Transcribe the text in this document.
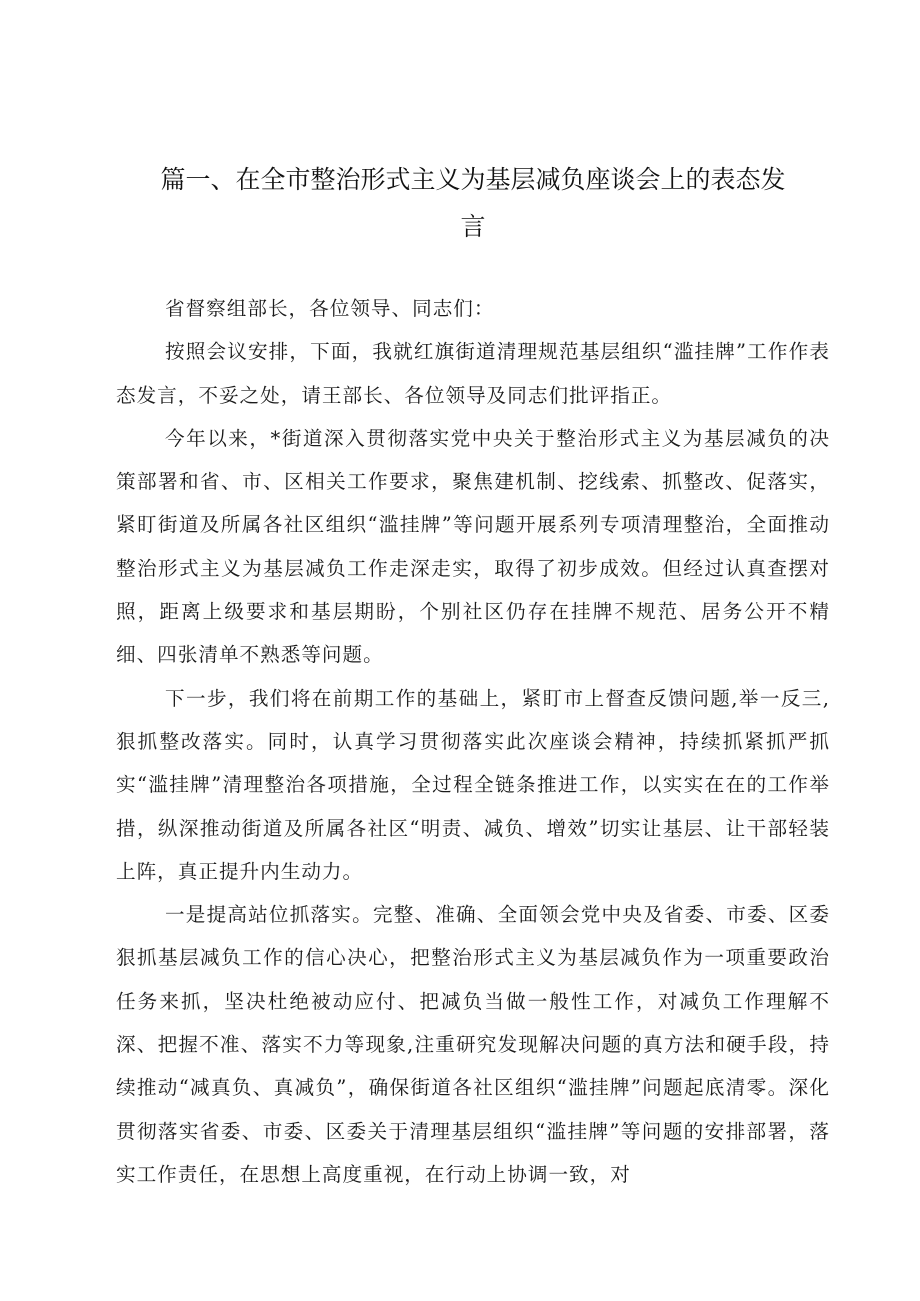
篇一、在全市整治形式主义为基层减负座谈会上的表态发
言

省督察组部长，各位领导、同志们：

按照会议安排，下面，我就红旗街道清理规范基层组织“滥挂牌”工作作表态发言，不妥之处，请王部长、各位领导及同志们批评指正。

今年以来，*街道深入贯彻落实党中央关于整治形式主义为基层减负的决策部署和省、市、区相关工作要求，聚焦建机制、挖线索、抓整改、促落实，紧盯街道及所属各社区组织“滥挂牌”等问题开展系列专项清理整治，全面推动整治形式主义为基层减负工作走深走实，取得了初步成效。但经过认真查摆对照，距离上级要求和基层期盼，个别社区仍存在挂牌不规范、居务公开不精细、四张清单不熟悉等问题。

下一步，我们将在前期工作的基础上，紧盯市上督查反馈问题,举一反三,狠抓整改落实。同时，认真学习贯彻落实此次座谈会精神，持续抓紧抓严抓实“滥挂牌”清理整治各项措施，全过程全链条推进工作，以实实在在的工作举措，纵深推动街道及所属各社区“明责、减负、增效”切实让基层、让干部轻装上阵，真正提升内生动力。

一是提高站位抓落实。完整、准确、全面领会党中央及省委、市委、区委狠抓基层减负工作的信心决心，把整治形式主义为基层减负作为一项重要政治任务来抓，坚决杜绝被动应付、把减负当做一般性工作，对减负工作理解不深、把握不准、落实不力等现象,注重研究发现解决问题的真方法和硬手段，持续推动“减真负、真减负”，确保街道各社区组织“滥挂牌”问题起底清零。深化贯彻落实省委、市委、区委关于清理基层组织“滥挂牌”等问题的安排部署，落实工作责任，在思想上高度重视，在行动上协调一致，对
